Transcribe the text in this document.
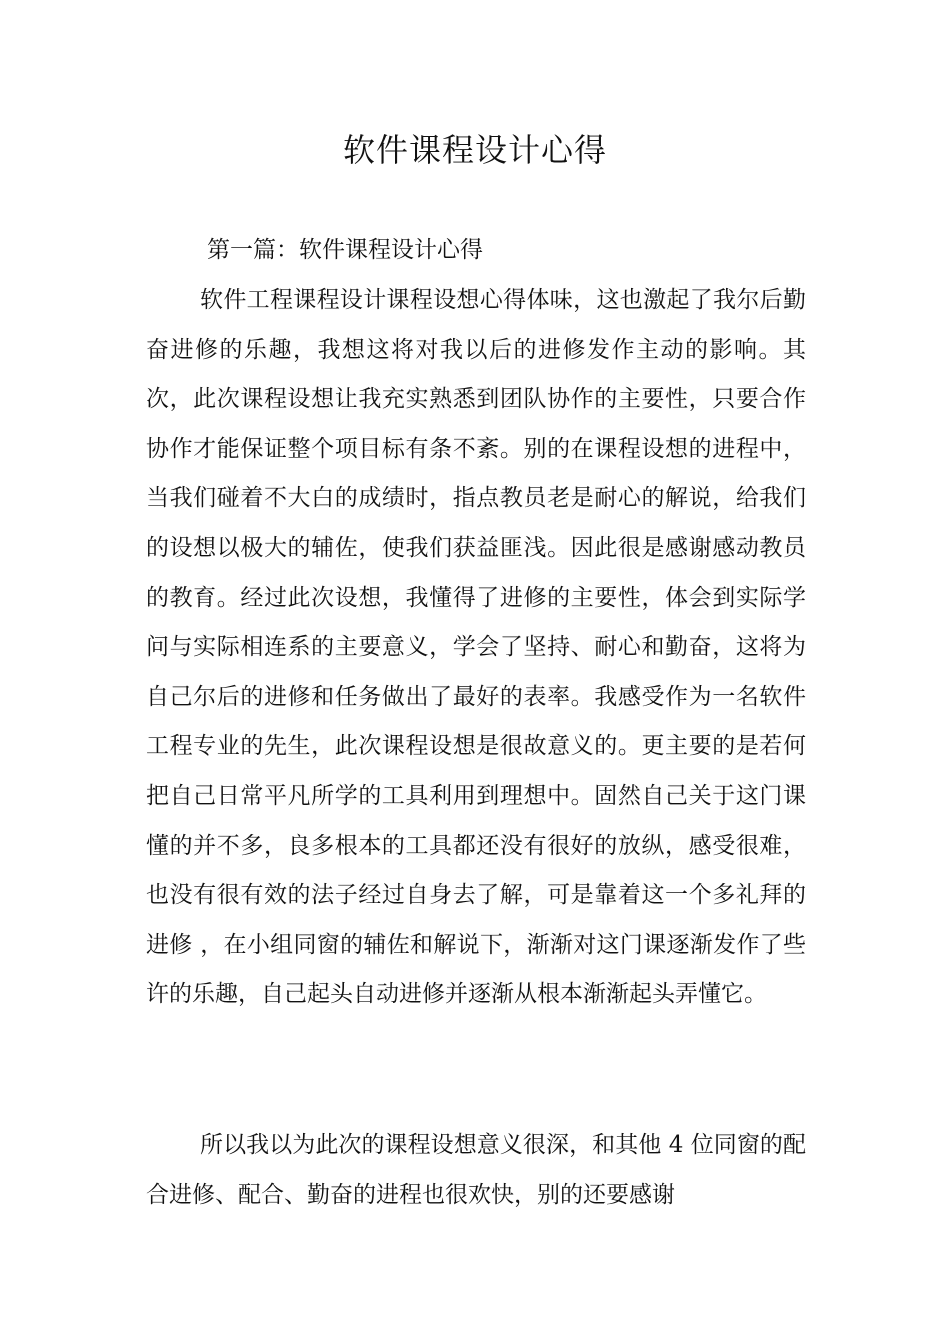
软件课程设计心得

第一篇：软件课程设计心得

软件工程课程设计课程设想心得体味，这也激起了我尔后勤奋进修的乐趣，我想这将对我以后的进修发作主动的影响。其次，此次课程设想让我充实熟悉到团队协作的主要性，只要合作协作才能保证整个项目标有条不紊。别的在课程设想的进程中，当我们碰着不大白的成绩时，指点教员老是耐心的解说，给我们的设想以极大的辅佐，使我们获益匪浅。因此很是感谢感动教员的教育。经过此次设想，我懂得了进修的主要性，体会到实际学问与实际相连系的主要意义，学会了坚持、耐心和勤奋，这将为自己尔后的进修和任务做出了最好的表率。我感受作为一名软件工程专业的先生，此次课程设想是很故意义的。更主要的是若何把自己日常平凡所学的工具利用到理想中。固然自己关于这门课懂的并不多，良多根本的工具都还没有很好的放纵，感受很难，也没有很有效的法子经过自身去了解，可是靠着这一个多礼拜的 进修 ，在小组同窗的辅佐和解说下，渐渐对这门课逐渐发作了些许的乐趣，自己起头自动进修并逐渐从根本渐渐起头弄懂它。

所以我以为此次的课程设想意义很深，和其他 4 位同窗的配合进修、配合、勤奋的进程也很欢快，别的还要感谢
